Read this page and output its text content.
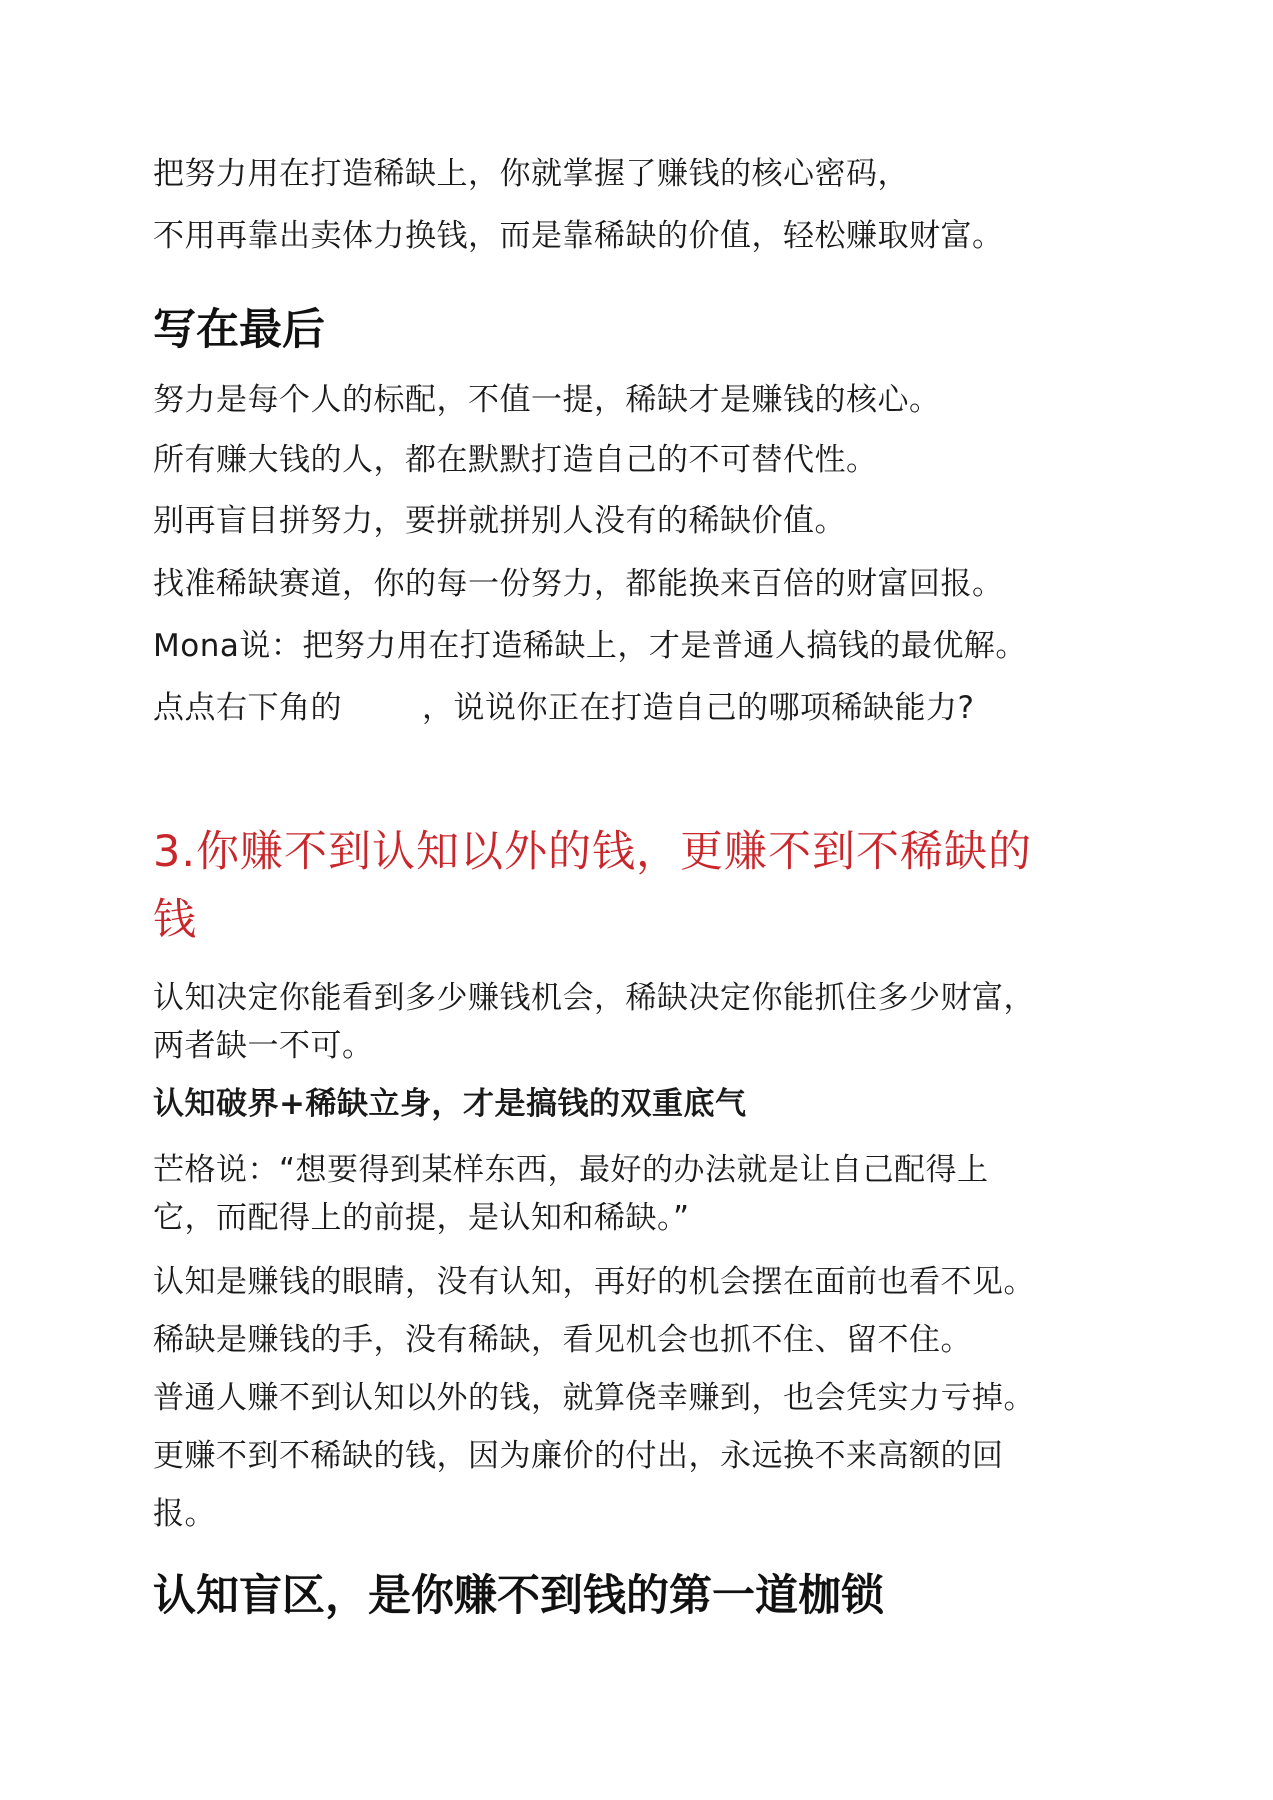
把努力用在打造稀缺上，你就掌握了赚钱的核心密码，
不用再靠出卖体力换钱，而是靠稀缺的价值，轻松赚取财富。
写在最后
努力是每个人的标配，不值一提，稀缺才是赚钱的核心。
所有赚大钱的人，都在默默打造自己的不可替代性。
别再盲目拼努力，要拼就拼别人没有的稀缺价值。
找准稀缺赛道，你的每一份努力，都能换来百倍的财富回报。
Mona说：把努力用在打造稀缺上，才是普通人搞钱的最优解。
点点右下角的	，说说你正在打造自己的哪项稀缺能力?
3.你赚不到认知以外的钱，更赚不到不稀缺的
钱
认知决定你能看到多少赚钱机会，稀缺决定你能抓住多少财富，
两者缺一不可。
认知破界+稀缺立身，才是搞钱的双重底气
芒格说：“想要得到某样东西，最好的办法就是让自己配得上
它，而配得上的前提，是认知和稀缺。”
认知是赚钱的眼睛，没有认知，再好的机会摆在面前也看不见。
稀缺是赚钱的手，没有稀缺，看见机会也抓不住、留不住。
普通人赚不到认知以外的钱，就算侥幸赚到，也会凭实力亏掉。
更赚不到不稀缺的钱，因为廉价的付出，永远换不来高额的回
报。
认知盲区，是你赚不到钱的第一道枷锁
